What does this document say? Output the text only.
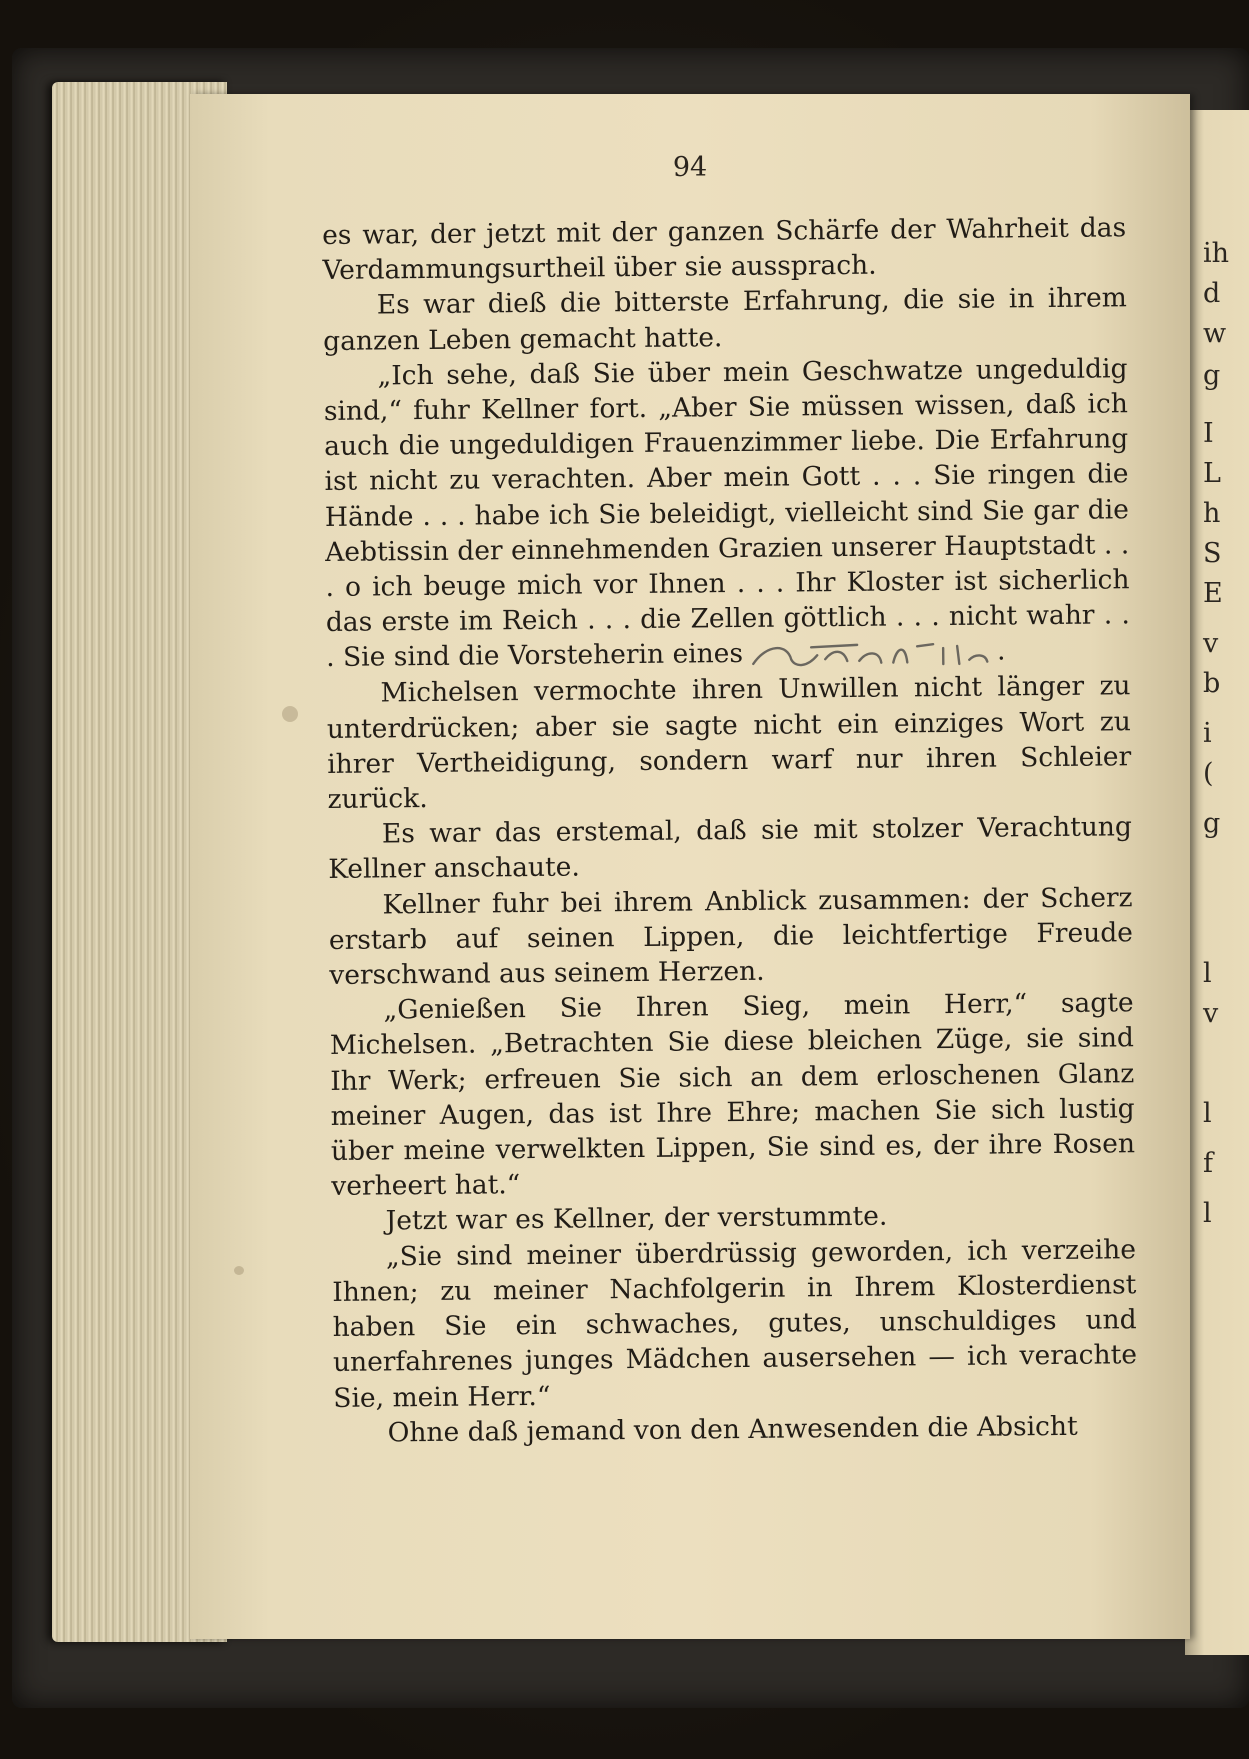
ih
d
w
g
I
L
h
S
E
v
b
i
(
g
l
v
l
f
l
94

es war, der jetzt mit der ganzen Schärfe der Wahrheit das Verdammungsurtheil über sie aussprach.

Es war dieß die bitterste Erfahrung, die sie in ihrem ganzen Leben gemacht hatte.

„Ich sehe, daß Sie über mein Geschwatze ungeduldig sind,“ fuhr Kellner fort. „Aber Sie müssen wissen, daß ich auch die ungeduldigen Frauenzimmer liebe. Die Erfahrung ist nicht zu verachten. Aber mein Gott . . . Sie ringen die Hände . . . habe ich Sie beleidigt, vielleicht sind Sie gar die Aebtissin der einnehmenden Grazien unserer Hauptstadt . . . o ich beuge mich vor Ihnen . . . Ihr Kloster ist sicherlich das erste im Reich . . . die Zellen göttlich . . . nicht wahr . . . Sie sind die Vorsteherin eines	.

Michelsen vermochte ihren Unwillen nicht länger zu unterdrücken; aber sie sagte nicht ein einziges Wort zu ihrer Vertheidigung, sondern warf nur ihren Schleier zurück.

Es war das erstemal, daß sie mit stolzer Verachtung Kellner anschaute.

Kellner fuhr bei ihrem Anblick zusammen: der Scherz erstarb auf seinen Lippen, die leichtfertige Freude verschwand aus seinem Herzen.

„Genießen Sie Ihren Sieg, mein Herr,“ sagte Michelsen. „Betrachten Sie diese bleichen Züge, sie sind Ihr Werk; erfreuen Sie sich an dem erloschenen Glanz meiner Augen, das ist Ihre Ehre; machen Sie sich lustig über meine verwelkten Lippen, Sie sind es, der ihre Rosen verheert hat.“

Jetzt war es Kellner, der verstummte.

„Sie sind meiner überdrüssig geworden, ich verzeihe Ihnen; zu meiner Nachfolgerin in Ihrem Klosterdienst haben Sie ein schwaches, gutes, unschuldiges und unerfahrenes junges Mädchen ausersehen — ich verachte Sie, mein Herr.“

Ohne daß jemand von den Anwesenden die Absicht
